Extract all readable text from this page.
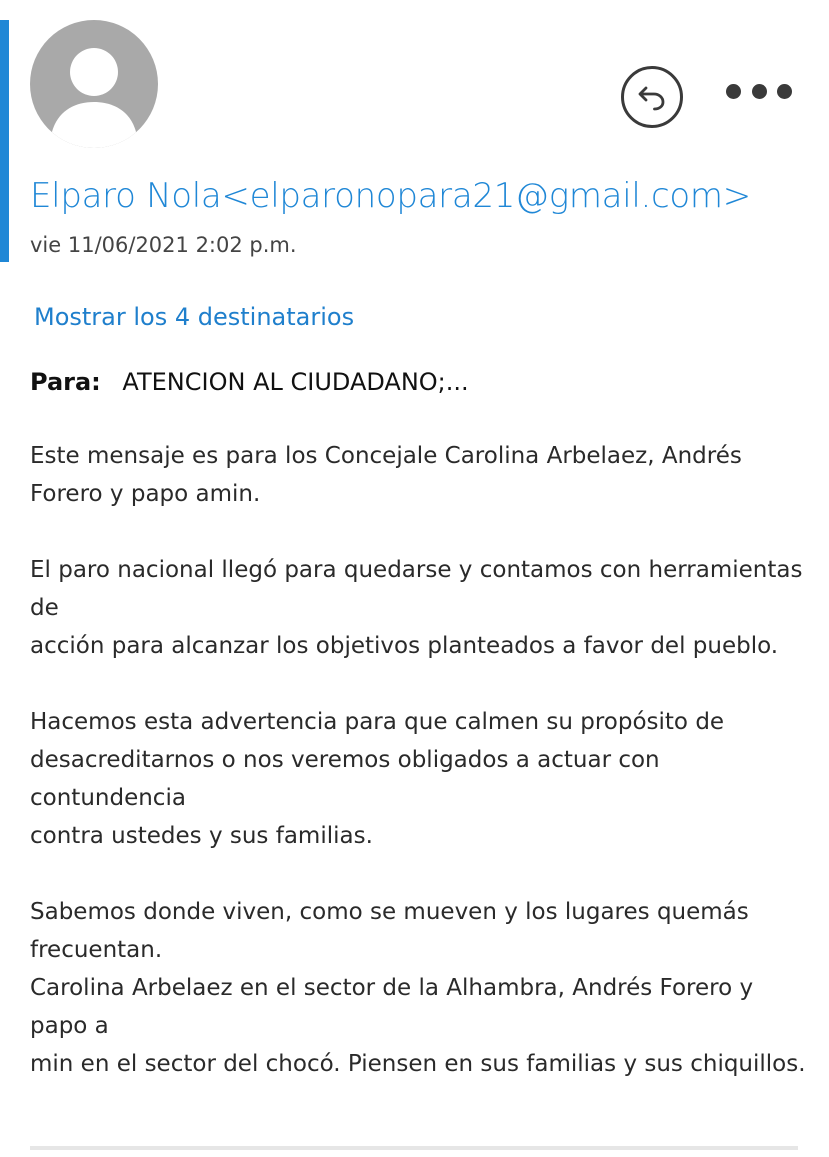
Elparo Nola<elparonopara21@gmail.com>
vie 11/06/2021 2:02 p.m.
Mostrar los 4 destinatarios
Para: ATENCION AL CIUDADANO;...

Este mensaje es para los Concejale Carolina Arbelaez, Andrés
Forero y papo amin.

El paro nacional llegó para quedarse y contamos con herramientas
de
acción para alcanzar los objetivos planteados a favor del pueblo.

Hacemos esta advertencia para que calmen su propósito de
desacreditarnos o nos veremos obligados a actuar con
contundencia
contra ustedes y sus familias.

Sabemos donde viven, como se mueven y los lugares quemás
frecuentan.
Carolina Arbelaez en el sector de la Alhambra, Andrés Forero y
papo a
min en el sector del chocó. Piensen en sus familias y sus chiquillos.
